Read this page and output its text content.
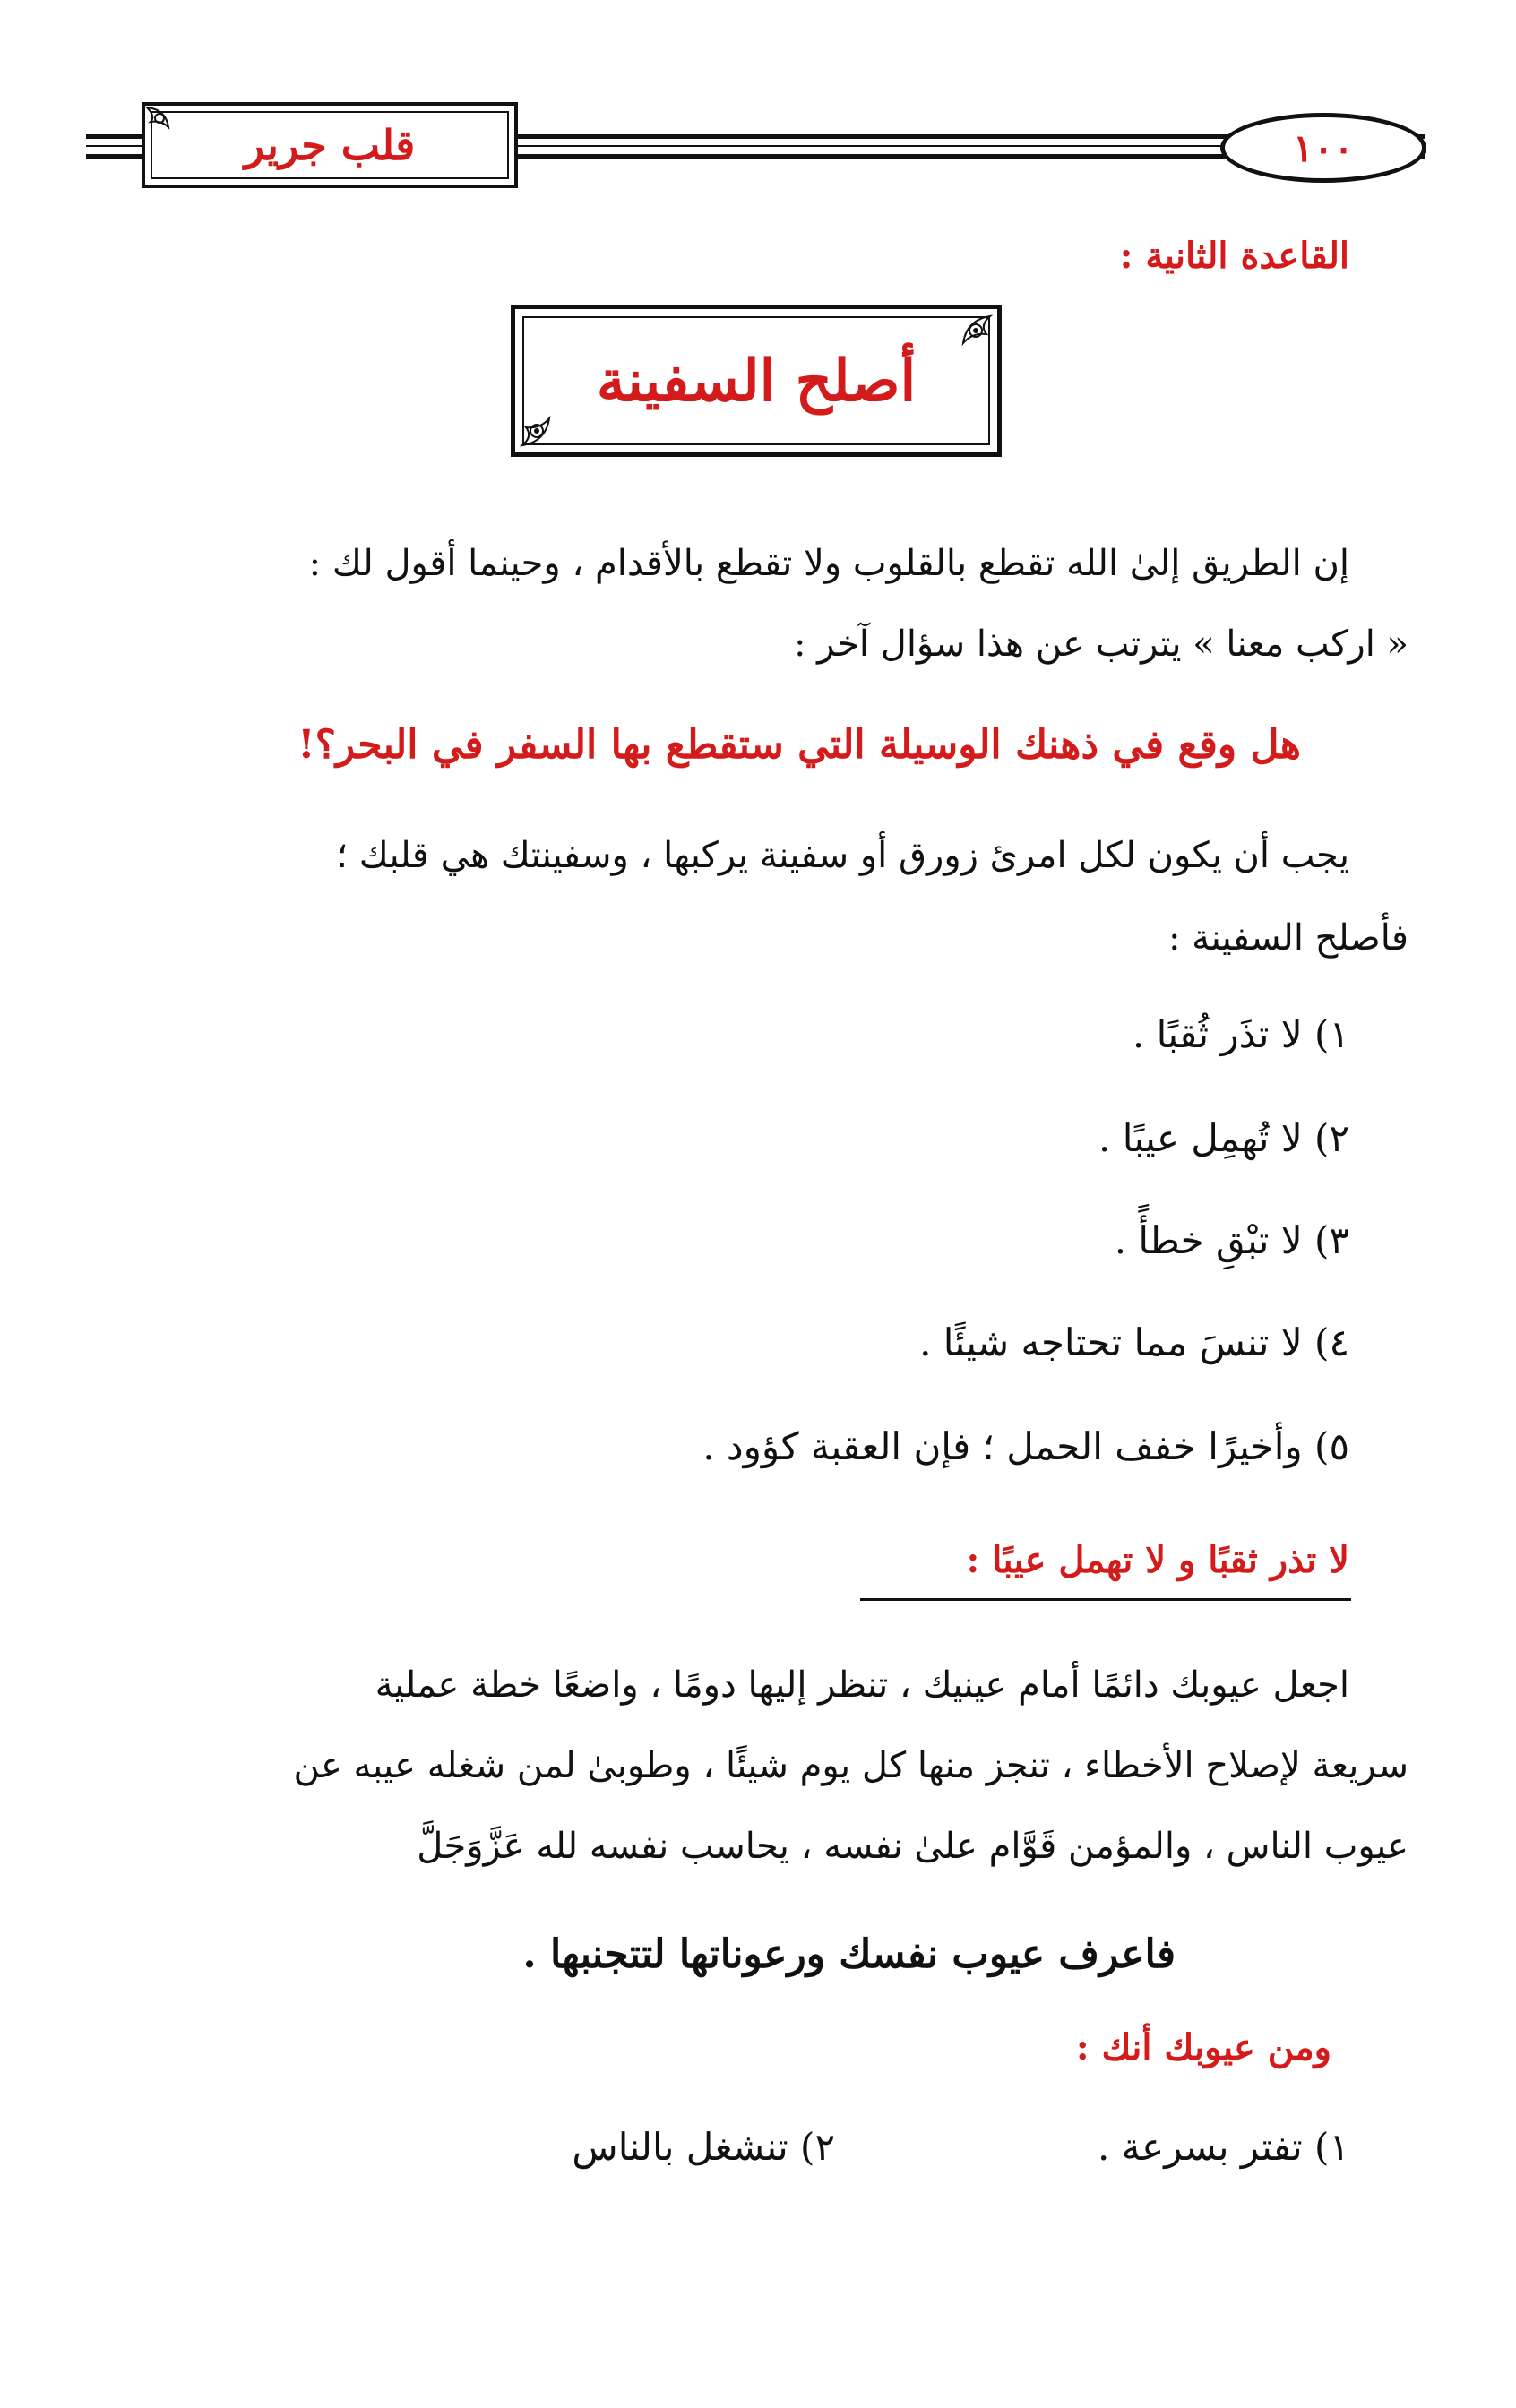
قلب جرير	١٠٠
القاعدة الثانية :
أصلح السفينة
إن الطريق إلىٰ الله تقطع بالقلوب ولا تقطع بالأقدام ، وحينما أقول لك :
« اركب معنا » يترتب عن هذا سؤال آخر :
هل وقع في ذهنك الوسيلة التي ستقطع بها السفر في البحر؟!
يجب أن يكون لكل امرئ زورق أو سفينة يركبها ، وسفينتك هي قلبك ؛
فأصلح السفينة :
١) لا تذَر ثُقبًا .
٢) لا تُهمِل عيبًا .
٣) لا تبْقِ خطأً .
٤) لا تنسَ مما تحتاجه شيئًا .
٥) وأخيرًا خفف الحمل ؛ فإن العقبة كؤود .
لا تذر ثقبًا و لا تهمل عيبًا :
اجعل عيوبك دائمًا أمام عينيك ، تنظر إليها دومًا ، واضعًا خطة عملية
سريعة لإصلاح الأخطاء ، تنجز منها كل يوم شيئًا ، وطوبىٰ لمن شغله عيبه عن
عيوب الناس ، والمؤمن قَوَّام علىٰ نفسه ، يحاسب نفسه لله عَزَّوَجَلَّ
فاعرف عيوب نفسك ورعوناتها لتتجنبها .
ومن عيوبك أنك :
١) تفتر بسرعة .
٢) تنشغل بالناس
